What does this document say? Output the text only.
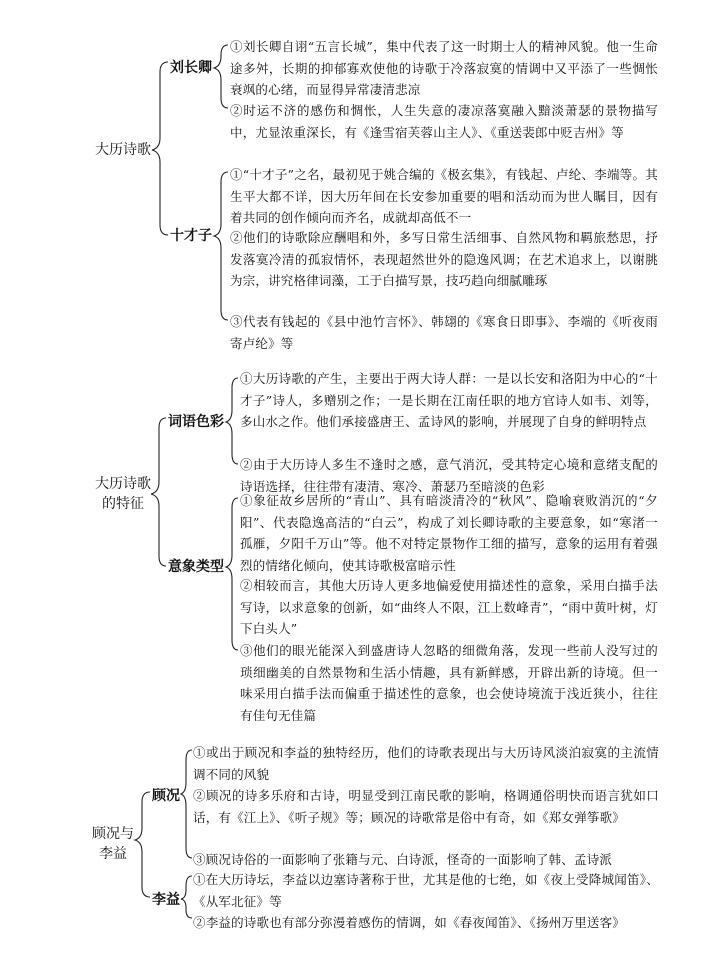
大历诗歌
刘长卿
①刘长卿自诩“五言长城”，集中代表了这一时期士人的精神风貌。他一生命途多舛，长期的抑郁寡欢使他的诗歌于冷落寂寞的情调中又平添了一些惆怅衰飒的心绪，而显得异常凄清悲凉
②时运不济的感伤和惆怅，人生失意的凄凉落寞融入黯淡萧瑟的景物描写中，尤显浓重深长，有《逢雪宿芙蓉山主人》、《重送裴郎中贬吉州》等
十才子
①“十才子”之名，最初见于姚合编的《极玄集》，有钱起、卢纶、李端等。其生平大都不详，因大历年间在长安参加重要的唱和活动而为世人瞩目，因有着共同的创作倾向而齐名，成就却高低不一
②他们的诗歌除应酬唱和外，多写日常生活细事、自然风物和羁旅愁思，抒发落寞冷清的孤寂情怀，表现超然世外的隐逸风调；在艺术追求上，以谢朓为宗，讲究格律词藻，工于白描写景，技巧趋向细腻雕琢
③代表有钱起的《县中池竹言怀》、韩翃的《寒食日即事》、李端的《听夜雨寄卢纶》等
大历诗歌的特征
词语色彩
①大历诗歌的产生，主要出于两大诗人群：一是以长安和洛阳为中心的“十才子”诗人，多赠别之作；一是长期在江南任职的地方官诗人如韦、刘等，多山水之作。他们承接盛唐王、孟诗风的影响，并展现了自身的鲜明特点
②由于大历诗人多生不逢时之感，意气消沉，受其特定心境和意绪支配的诗语选择，往往带有凄清、寒冷、萧瑟乃至暗淡的色彩
意象类型
①象征故乡居所的“青山”、具有暗淡清冷的“秋风”、隐喻衰败消沉的“夕阳”、代表隐逸高洁的“白云”，构成了刘长卿诗歌的主要意象，如“寒渚一孤雁，夕阳千万山”等。他不对特定景物作工细的描写，意象的运用有着强烈的情绪化倾向，使其诗歌极富暗示性
②相较而言，其他大历诗人更多地偏爱使用描述性的意象，采用白描手法写诗，以求意象的创新，如“曲终人不限，江上数峰青”，“雨中黄叶树，灯下白头人”
③他们的眼光能深入到盛唐诗人忽略的细微角落，发现一些前人没写过的琐细幽美的自然景物和生活小情趣，具有新鲜感，开辟出新的诗境。但一味采用白描手法而偏重于描述性的意象，也会使诗境流于浅近狭小，往往有佳句无佳篇
顾况与李益
顾况
①或出于顾况和李益的独特经历，他们的诗歌表现出与大历诗风淡泊寂寞的主流情调不同的风貌
②顾况的诗多乐府和古诗，明显受到江南民歌的影响，格调通俗明快而语言犹如口话，有《江上》、《听子规》等；顾况的诗歌常是俗中有奇，如《郑女弹筝歌》
③顾况诗俗的一面影响了张籍与元、白诗派，怪奇的一面影响了韩、孟诗派
李益
①在大历诗坛，李益以边塞诗著称于世，尤其是他的七绝，如《夜上受降城闻笛》、《从军北征》等
②李益的诗歌也有部分弥漫着感伤的情调，如《春夜闻笛》、《扬州万里送客》
